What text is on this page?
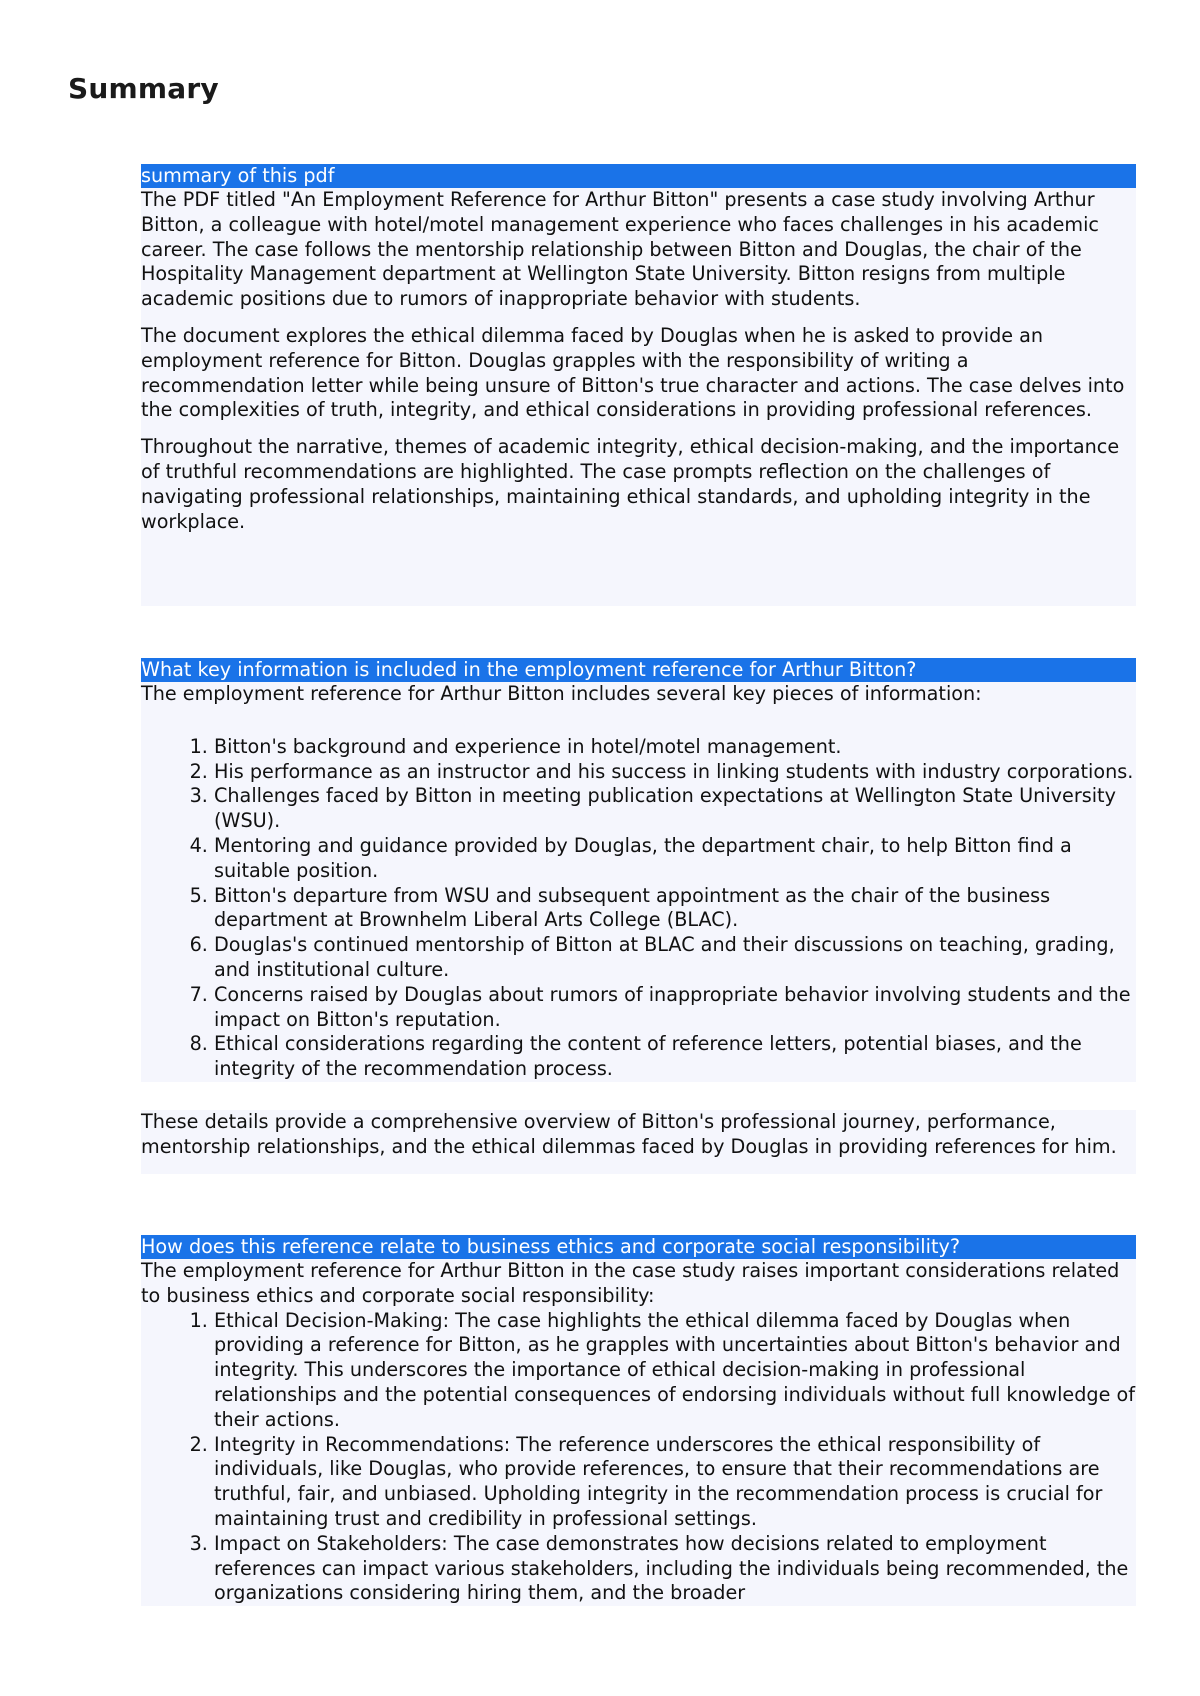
Summary
summary of this pdf

The PDF titled "An Employment Reference for Arthur Bitton" presents a case study involving Arthur Bitton, a colleague with hotel/motel management experience who faces challenges in his academic career. The case follows the mentorship relationship between Bitton and Douglas, the chair of the Hospitality Management department at Wellington State University. Bitton resigns from multiple academic positions due to rumors of inappropriate behavior with students.

The document explores the ethical dilemma faced by Douglas when he is asked to provide an employment reference for Bitton. Douglas grapples with the responsibility of writing a recommendation letter while being unsure of Bitton's true character and actions. The case delves into the complexities of truth, integrity, and ethical considerations in providing professional references.

Throughout the narrative, themes of academic integrity, ethical decision-making, and the importance of truthful recommendations are highlighted. The case prompts reflection on the challenges of navigating professional relationships, maintaining ethical standards, and upholding integrity in the workplace.

What key information is included in the employment reference for Arthur Bitton?

The employment reference for Arthur Bitton includes several key pieces of information:

1. Bitton's background and experience in hotel/motel management.
2. His performance as an instructor and his success in linking students with industry corporations.
3. Challenges faced by Bitton in meeting publication expectations at Wellington State University (WSU).
4. Mentoring and guidance provided by Douglas, the department chair, to help Bitton find a suitable position.
5. Bitton's departure from WSU and subsequent appointment as the chair of the business department at Brownhelm Liberal Arts College (BLAC).
6. Douglas's continued mentorship of Bitton at BLAC and their discussions on teaching, grading, and institutional culture.
7. Concerns raised by Douglas about rumors of inappropriate behavior involving students and the impact on Bitton's reputation.
8. Ethical considerations regarding the content of reference letters, potential biases, and the integrity of the recommendation process.

These details provide a comprehensive overview of Bitton's professional journey, performance, mentorship relationships, and the ethical dilemmas faced by Douglas in providing references for him.

How does this reference relate to business ethics and corporate social responsibility?

The employment reference for Arthur Bitton in the case study raises important considerations related to business ethics and corporate social responsibility:

1. Ethical Decision-Making: The case highlights the ethical dilemma faced by Douglas when providing a reference for Bitton, as he grapples with uncertainties about Bitton's behavior and integrity. This underscores the importance of ethical decision-making in professional relationships and the potential consequences of endorsing individuals without full knowledge of their actions.
2. Integrity in Recommendations: The reference underscores the ethical responsibility of individuals, like Douglas, who provide references, to ensure that their recommendations are truthful, fair, and unbiased. Upholding integrity in the recommendation process is crucial for maintaining trust and credibility in professional settings.
3. Impact on Stakeholders: The case demonstrates how decisions related to employment references can impact various stakeholders, including the individuals being recommended, the organizations considering hiring them, and the broader
